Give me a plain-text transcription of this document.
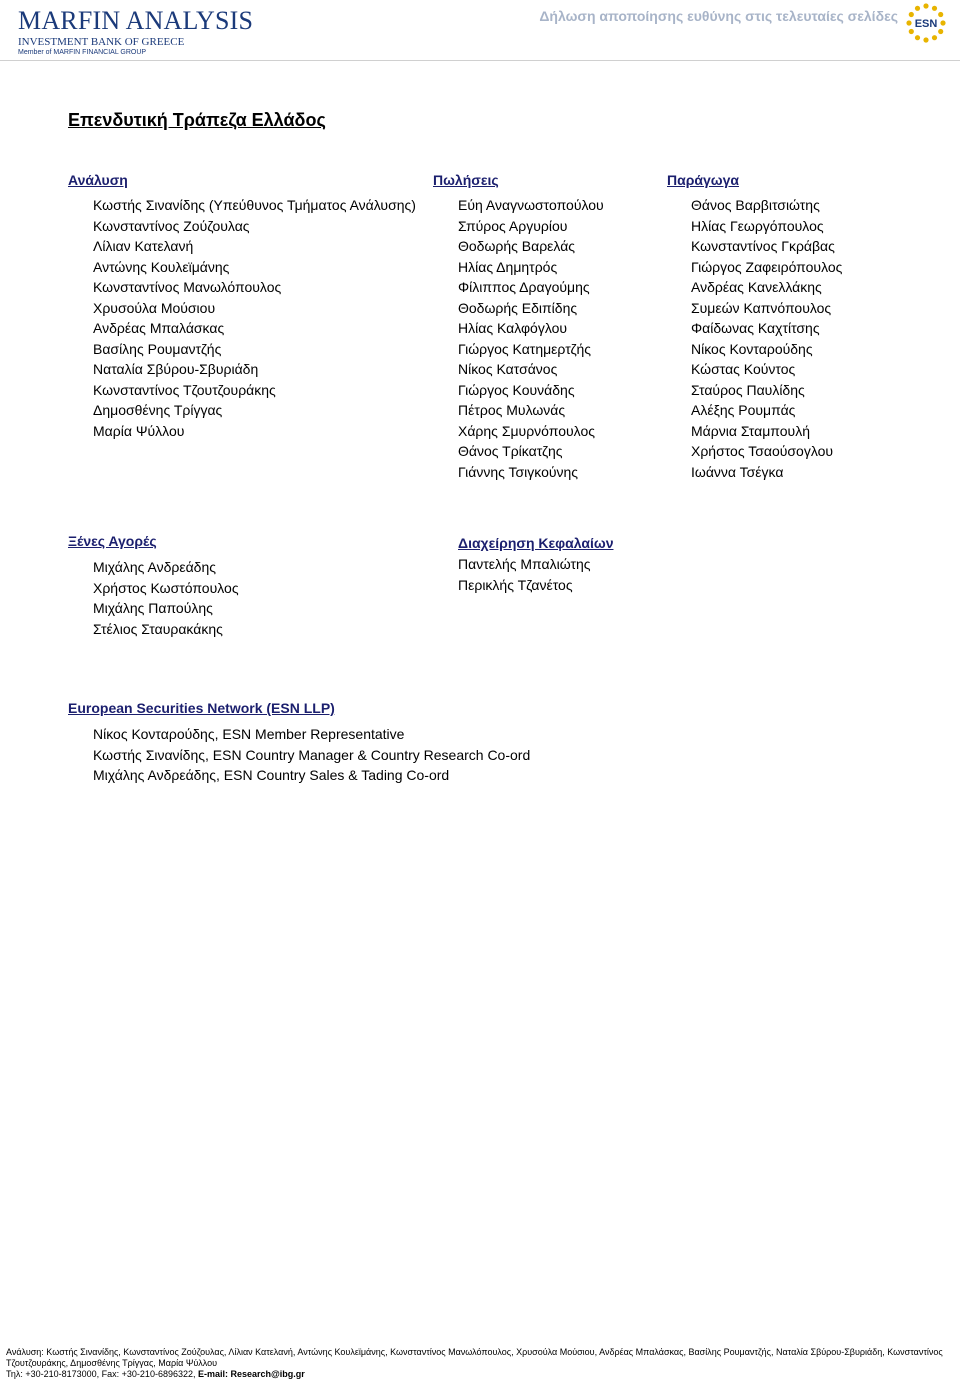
MARFIN ANALYSIS
INVESTMENT BANK OF GREECE
Member of MARFIN FINANCIAL GROUP
Δήλωση αποποίησης ευθύνης στις τελευταίες σελίδες ESN
Επενδυτική Τράπεζα Ελλάδος
Ανάλυση
Κωστής Σινανίδης (Υπεύθυνος Τμήματος Ανάλυσης)
Κωνσταντίνος Ζούζουλας
Λίλιαν Κατελανή
Αντώνης Κουλεϊμάνης
Κωνσταντίνος Μανωλόπουλος
Χρυσούλα Μούσιου
Ανδρέας Μπαλάσκας
Βασίλης Ρουμαντζής
Ναταλία Σβύρου-Σβυριάδη
Κωνσταντίνος Τζουτζουράκης
Δημοσθένης Τρίγγας
Μαρία Ψύλλου
Πωλήσεις
Εύη Αναγνωστοπούλου
Σπύρος Αργυρίου
Θοδωρής Βαρελάς
Ηλίας Δημητρός
Φίλιππος Δραγούμης
Θοδωρής Εδιπίδης
Ηλίας Καλφόγλου
Γιώργος Κατημερτζής
Νίκος Κατσάνος
Γιώργος Κουνάδης
Πέτρος Μυλωνάς
Χάρης Σμυρνόπουλος
Θάνος Τρίκατζης
Γιάννης Τσιγκούνης
Παράγωγα
Θάνος Βαρβιτσιώτης
Ηλίας Γεωργόπουλος
Κωνσταντίνος Γκράβας
Γιώργος Ζαφειρόπουλος
Ανδρέας Κανελλάκης
Συμεών Καπνόπουλος
Φαίδωνας Καχτίτσης
Νίκος Κονταρούδης
Κώστας Κούντος
Σταύρος Παυλίδης
Αλέξης Ρουμπάς
Μάρνια Σταμπουλή
Χρήστος Τσαούσογλου
Ιωάννα Τσέγκα
Ξένες Αγορές
Μιχάλης Ανδρεάδης
Χρήστος Κωστόπουλος
Μιχάλης Παπούλης
Στέλιος Σταυρακάκης
Διαχείρηση Κεφαλαίων
Παντελής Μπαλιώτης
Περικλής Τζανέτος
European Securities Network (ESN LLP)
Νίκος Κονταρούδης, ESN Member Representative
Κωστής Σινανίδης, ESN Country Manager & Country Research Co-ord
Μιχάλης Ανδρεάδης, ESN Country Sales & Tading Co-ord
Ανάλυση: Κωστής Σινανίδης, Κωνσταντίνος Ζούζουλας, Λίλιαν Κατελανή, Αντώνης Κουλεϊμάνης, Κωνσταντίνος Μανωλόπουλος, Χρυσούλα Μούσιου, Ανδρέας Μπαλάσκας, Βασίλης Ρουμαντζής, Ναταλία Σβύρου-Σβυριάδη, Κωνσταντίνος
Τζουτζουράκης, Δημοσθένης Τρίγγας, Μαρία Ψύλλου
Τηλ: +30-210-8173000, Fax: +30-210-6896322, E-mail: Research@ibg.gr
